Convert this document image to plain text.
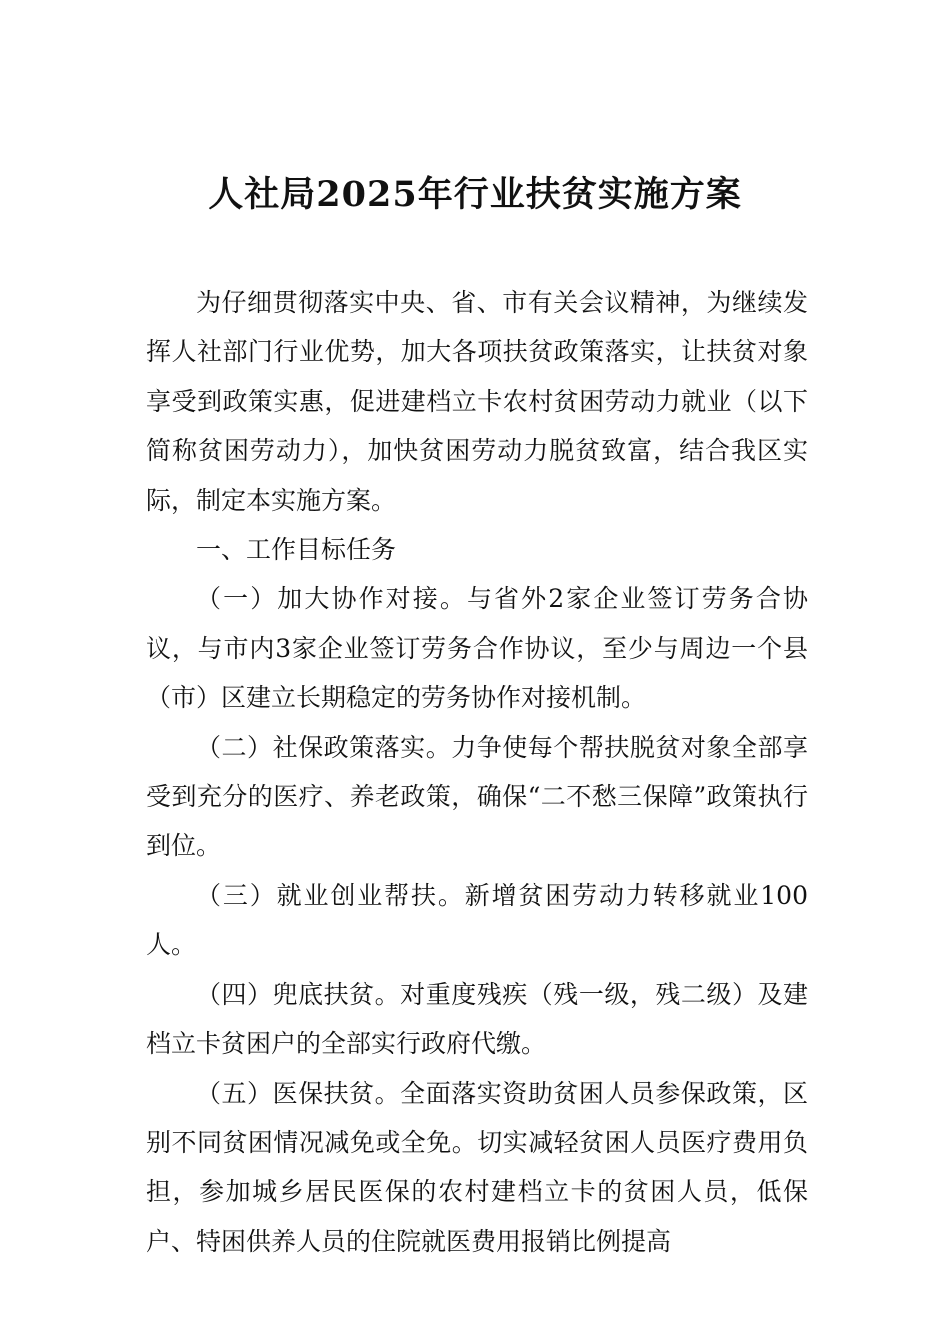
人社局2025年行业扶贫实施方案

为仔细贯彻落实中央、省、市有关会议精神，为继续发挥人社部门行业优势，加大各项扶贫政策落实，让扶贫对象享受到政策实惠，促进建档立卡农村贫困劳动力就业（以下简称贫困劳动力），加快贫困劳动力脱贫致富，结合我区实际，制定本实施方案。

一、工作目标任务

（一）加大协作对接。与省外2家企业签订劳务合协议，与市内3家企业签订劳务合作协议，至少与周边一个县（市）区建立长期稳定的劳务协作对接机制。

（二）社保政策落实。力争使每个帮扶脱贫对象全部享受到充分的医疗、养老政策，确保“二不愁三保障”政策执行到位。

（三）就业创业帮扶。新增贫困劳动力转移就业100人。

（四）兜底扶贫。对重度残疾（残一级，残二级）及建档立卡贫困户的全部实行政府代缴。

（五）医保扶贫。全面落实资助贫困人员参保政策，区别不同贫困情况减免或全免。切实减轻贫困人员医疗费用负担，参加城乡居民医保的农村建档立卡的贫困人员，低保户、特困供养人员的住院就医费用报销比例提高
